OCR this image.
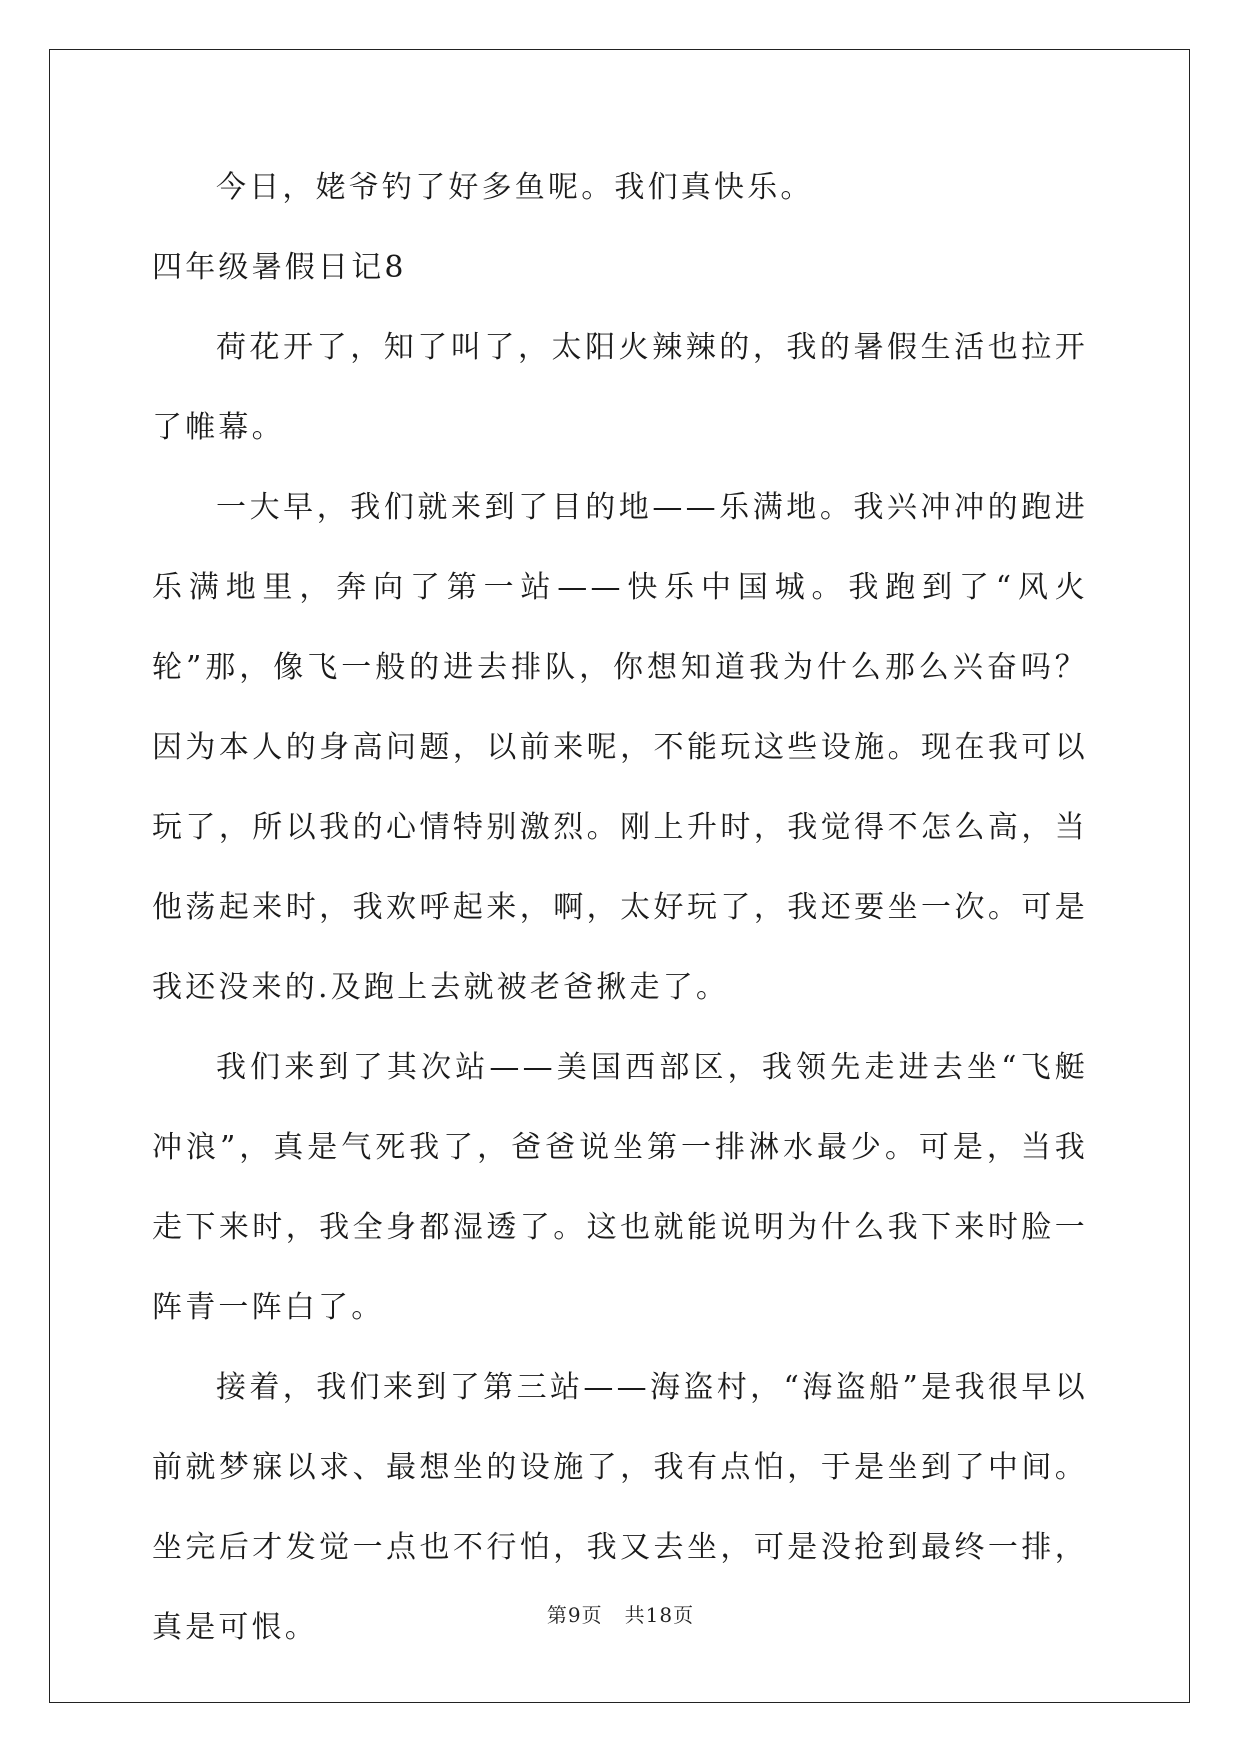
今日，姥爷钓了好多鱼呢。我们真快乐。

四年级暑假日记8

荷花开了，知了叫了，太阳火辣辣的，我的暑假生活也拉开了帷幕。

一大早，我们就来到了目的地——乐满地。我兴冲冲的跑进乐满地里，奔向了第一站——快乐中国城。我跑到了“风火轮”那，像飞一般的进去排队，你想知道我为什么那么兴奋吗？因为本人的身高问题，以前来呢，不能玩这些设施。现在我可以玩了，所以我的心情特别激烈。刚上升时，我觉得不怎么高，当他荡起来时，我欢呼起来，啊，太好玩了，我还要坐一次。可是我还没来的.及跑上去就被老爸揪走了。

我们来到了其次站——美国西部区，我领先走进去坐“飞艇冲浪”，真是气死我了，爸爸说坐第一排淋水最少。可是，当我走下来时，我全身都湿透了。这也就能说明为什么我下来时脸一阵青一阵白了。

接着，我们来到了第三站——海盗村，“海盗船”是我很早以前就梦寐以求、最想坐的设施了，我有点怕，于是坐到了中间。坐完后才发觉一点也不行怕，我又去坐，可是没抢到最终一排，真是可恨。	第9页 共18页
